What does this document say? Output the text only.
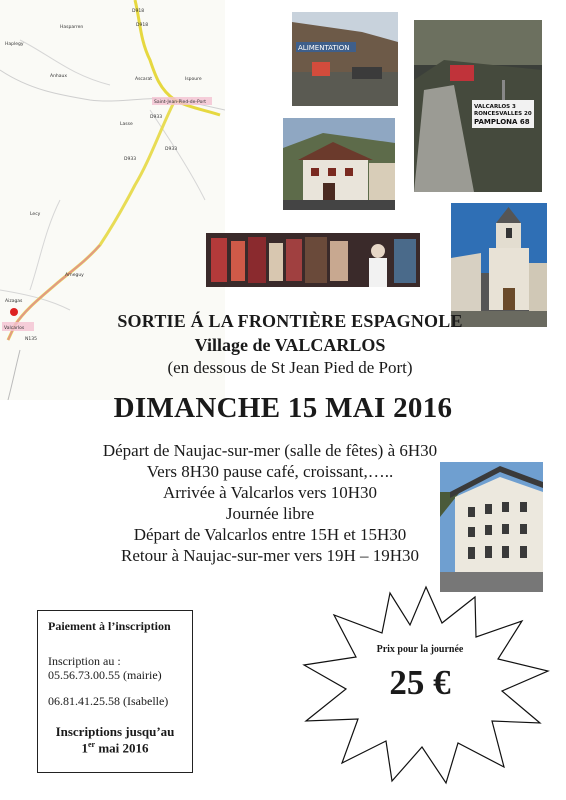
D918
D918
Hasparren
Haplegy
Ascarat	Ispoure
Anhaux
Saint-Jean-Pied-de-Port
Lasse
D933
D933
D933
Lecy
Arneguy
Aizagas
Valcarlos
N135
ALIMENTATION
VALCARLOS 3
RONCESVALLES 20
PAMPLONA 68
SORTIE Á LA FRONTIÈRE ESPAGNOLE
Village de VALCARLOS
(en dessous de St Jean Pied de Port)
DIMANCHE 15 MAI 2016
Départ de Naujac-sur-mer (salle de fêtes) à 6H30
Vers 8H30 pause café, croissant,…..
Arrivée à Valcarlos vers 10H30
Journée libre
Départ de Valcarlos entre 15H et 15H30
Retour à Naujac-sur-mer vers 19H – 19H30
Paiement à l’inscription
Inscription au :
05.56.73.00.55 (mairie)
06.81.41.25.58 (Isabelle)
Inscriptions jusqu’au
1er mai 2016
Prix pour la journée
25 €
